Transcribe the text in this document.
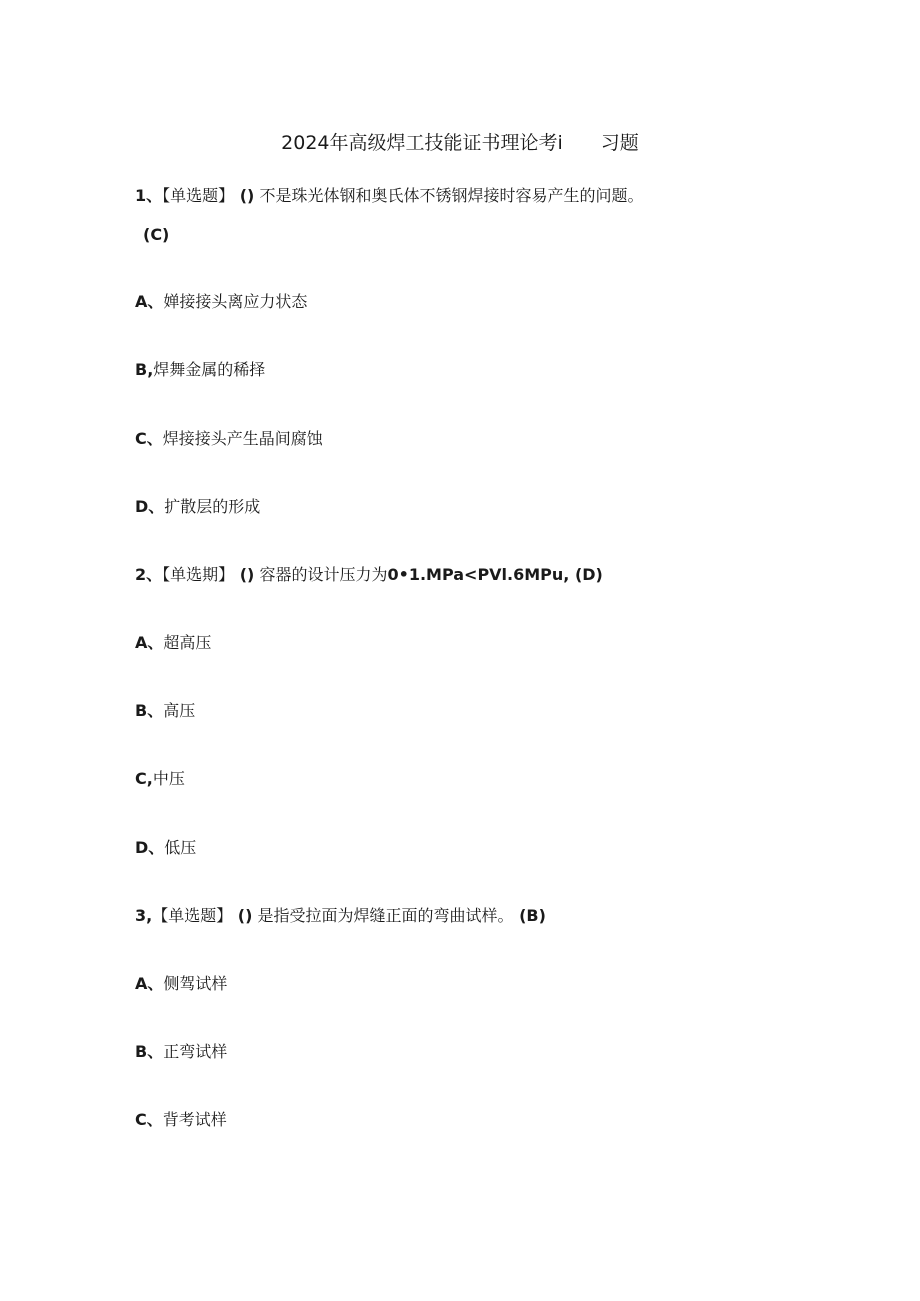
2024年高级焊工技能证书理论考i　　习题
1、【单选题】 () 不是珠光体钢和奥氏体不锈钢焊接时容易产生的问题。
(C)
A、婵接接头离应力状态
B,焊舞金属的稀择
C、焊接接头产生晶间腐蚀
D、扩散层的形成
2、【单选期】 () 容器的设计压力为0•1.MPa<PVl.6MPu, (D)
A、超高压
B、高压
C,中压
D、低压
3,【单选题】 () 是指受拉面为焊缝正面的弯曲试样。 (B)
A、侧驾试样
B、正弯试样
C、背考试样
